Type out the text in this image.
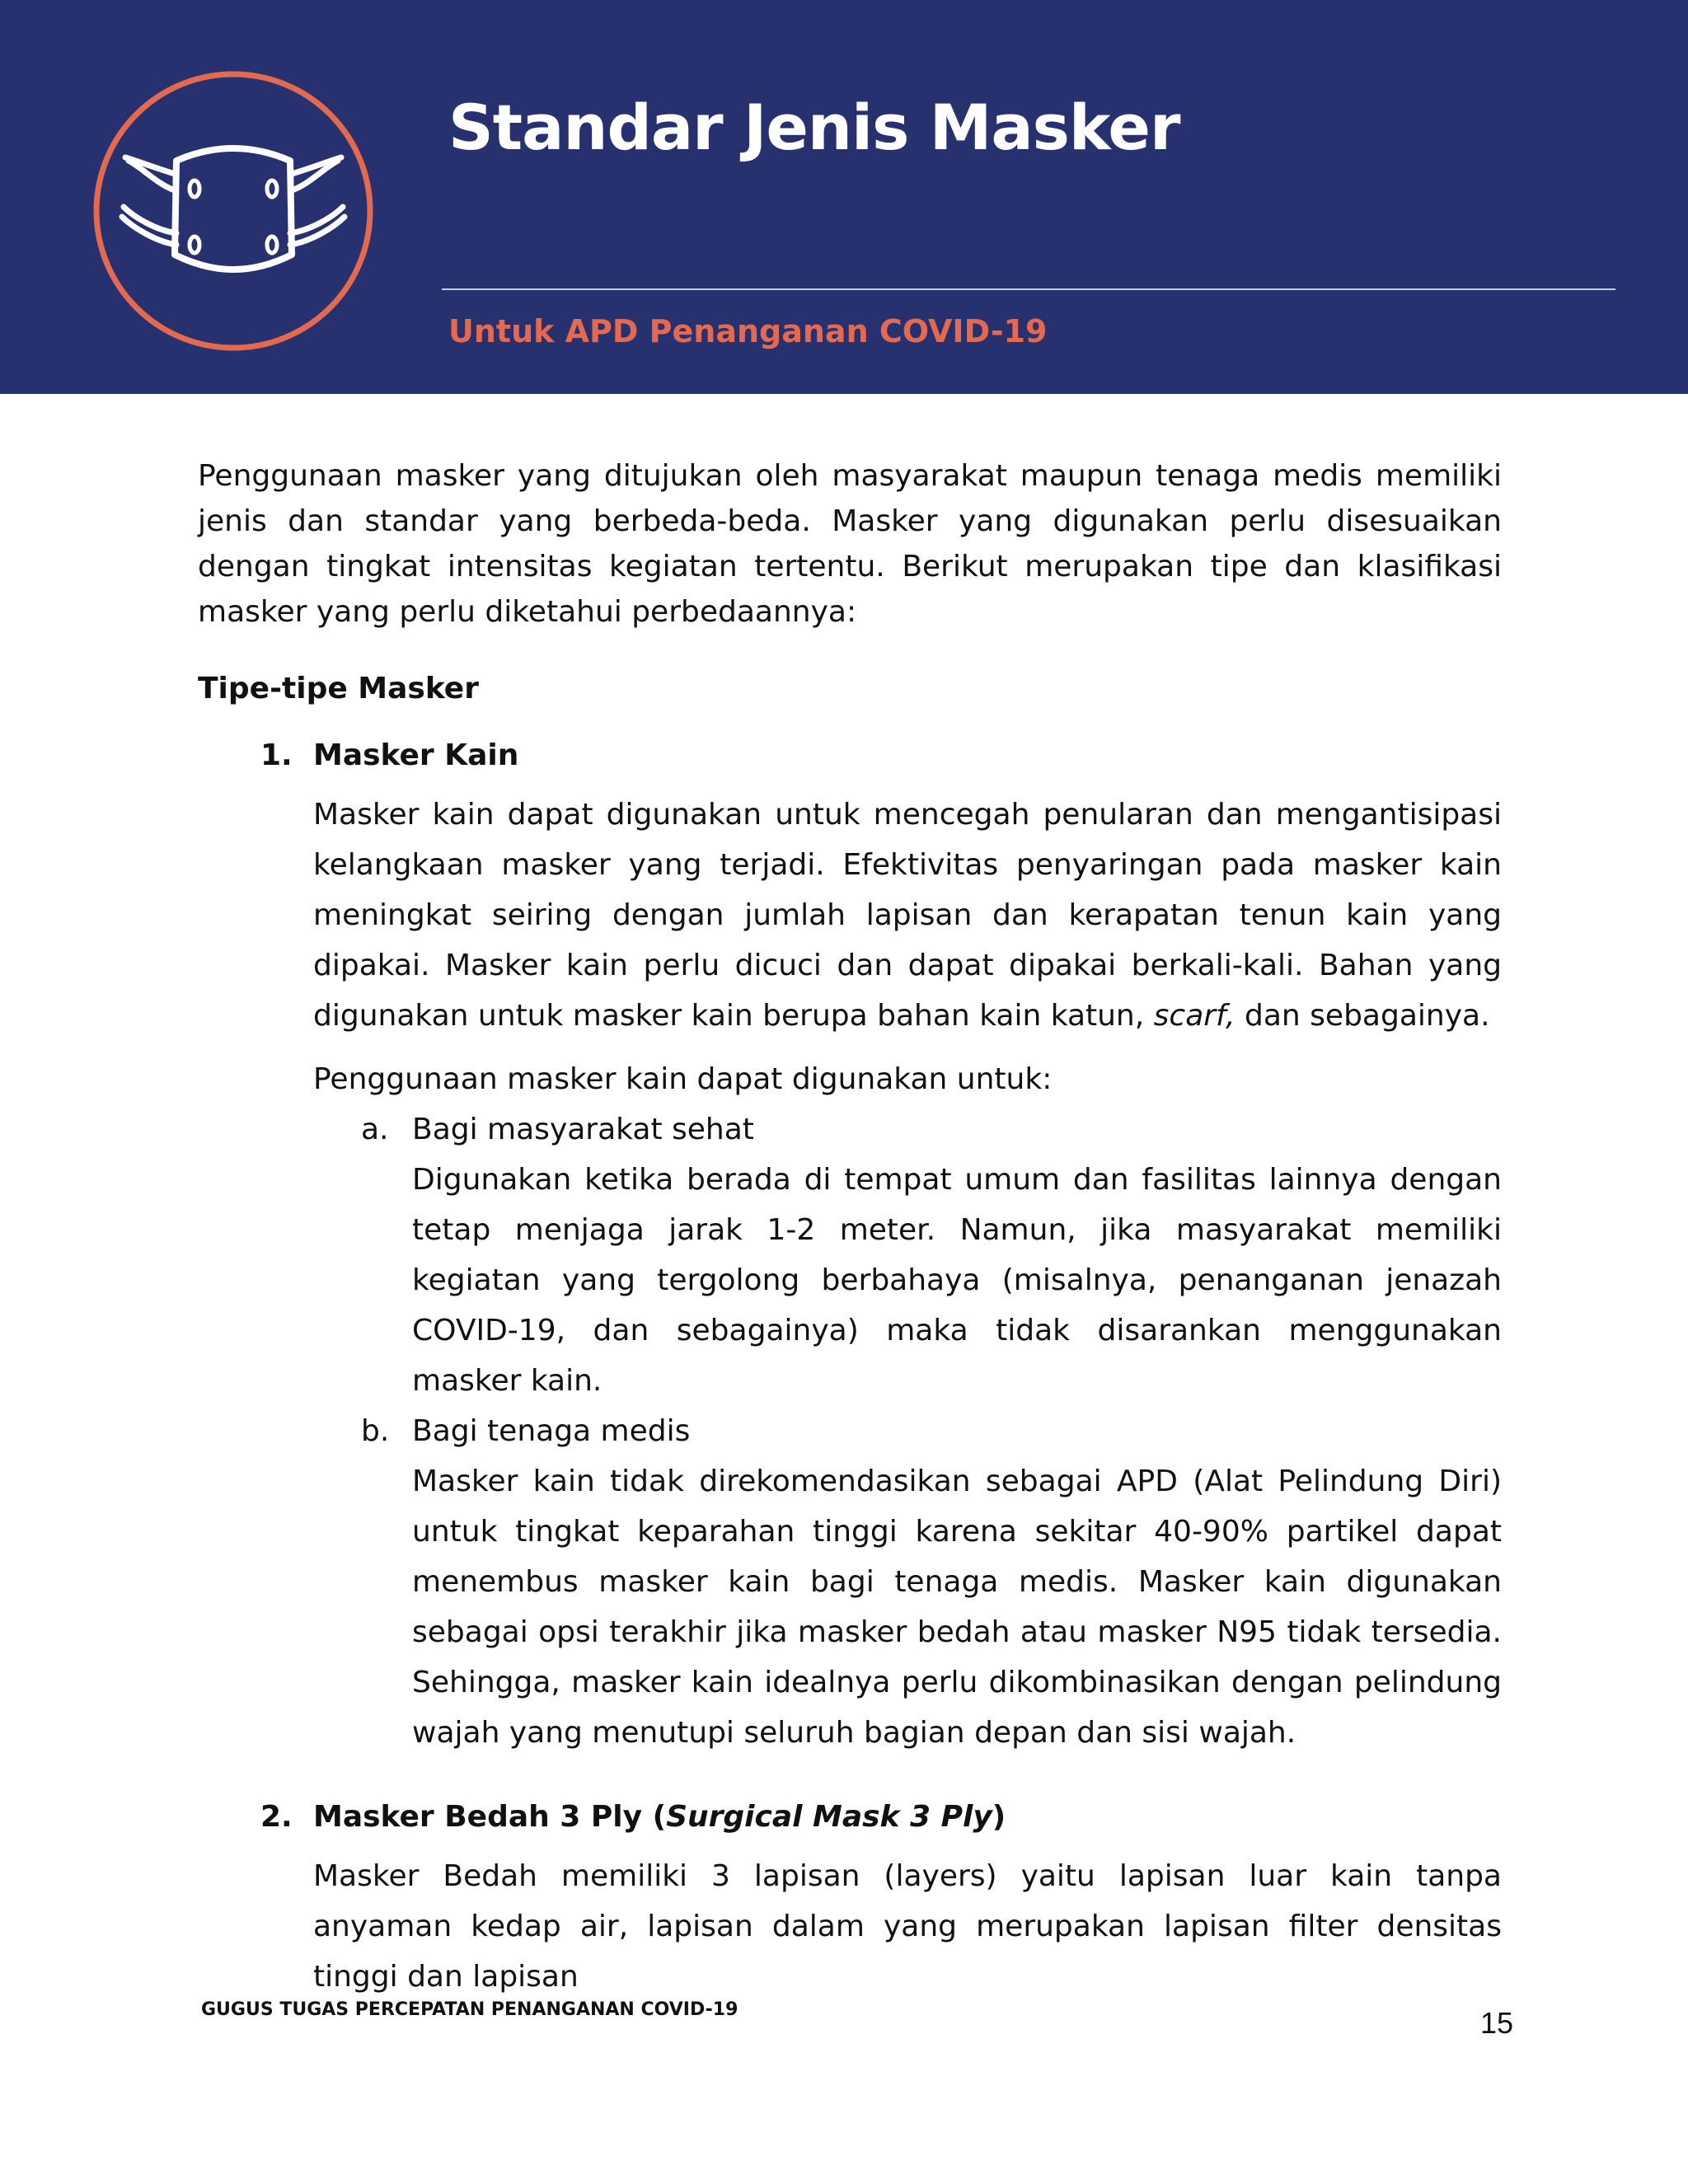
Standar Jenis Masker
Untuk APD Penanganan COVID-19

Penggunaan masker yang ditujukan oleh masyarakat maupun tenaga medis memiliki jenis dan standar yang berbeda-beda. Masker yang digunakan perlu disesuaikan dengan tingkat intensitas kegiatan tertentu. Berikut merupakan tipe dan klasifikasi masker yang perlu diketahui perbedaannya:

Tipe-tipe Masker

1. Masker Kain

Masker kain dapat digunakan untuk mencegah penularan dan mengantisipasi kelangkaan masker yang terjadi. Efektivitas penyaringan pada masker kain meningkat seiring dengan jumlah lapisan dan kerapatan tenun kain yang dipakai. Masker kain perlu dicuci dan dapat dipakai berkali-kali. Bahan yang digunakan untuk masker kain berupa bahan kain katun, scarf, dan sebagainya.

Penggunaan masker kain dapat digunakan untuk:

a. Bagi masyarakat sehat

Digunakan ketika berada di tempat umum dan fasilitas lainnya dengan tetap menjaga jarak 1-2 meter. Namun, jika masyarakat memiliki kegiatan yang tergolong berbahaya (misalnya, penanganan jenazah COVID-19, dan sebagainya) maka tidak disarankan menggunakan masker kain.

b. Bagi tenaga medis

Masker kain tidak direkomendasikan sebagai APD (Alat Pelindung Diri) untuk tingkat keparahan tinggi karena sekitar 40-90% partikel dapat menembus masker kain bagi tenaga medis. Masker kain digunakan sebagai opsi terakhir jika masker bedah atau masker N95 tidak tersedia. Sehingga, masker kain idealnya perlu dikombinasikan dengan pelindung wajah yang menutupi seluruh bagian depan dan sisi wajah.

2. Masker Bedah 3 Ply (Surgical Mask 3 Ply)

Masker Bedah memiliki 3 lapisan (layers) yaitu lapisan luar kain tanpa anyaman kedap air, lapisan dalam yang merupakan lapisan filter densitas tinggi dan lapisan

GUGUS TUGAS PERCEPATAN PENANGANAN COVID-19	15
